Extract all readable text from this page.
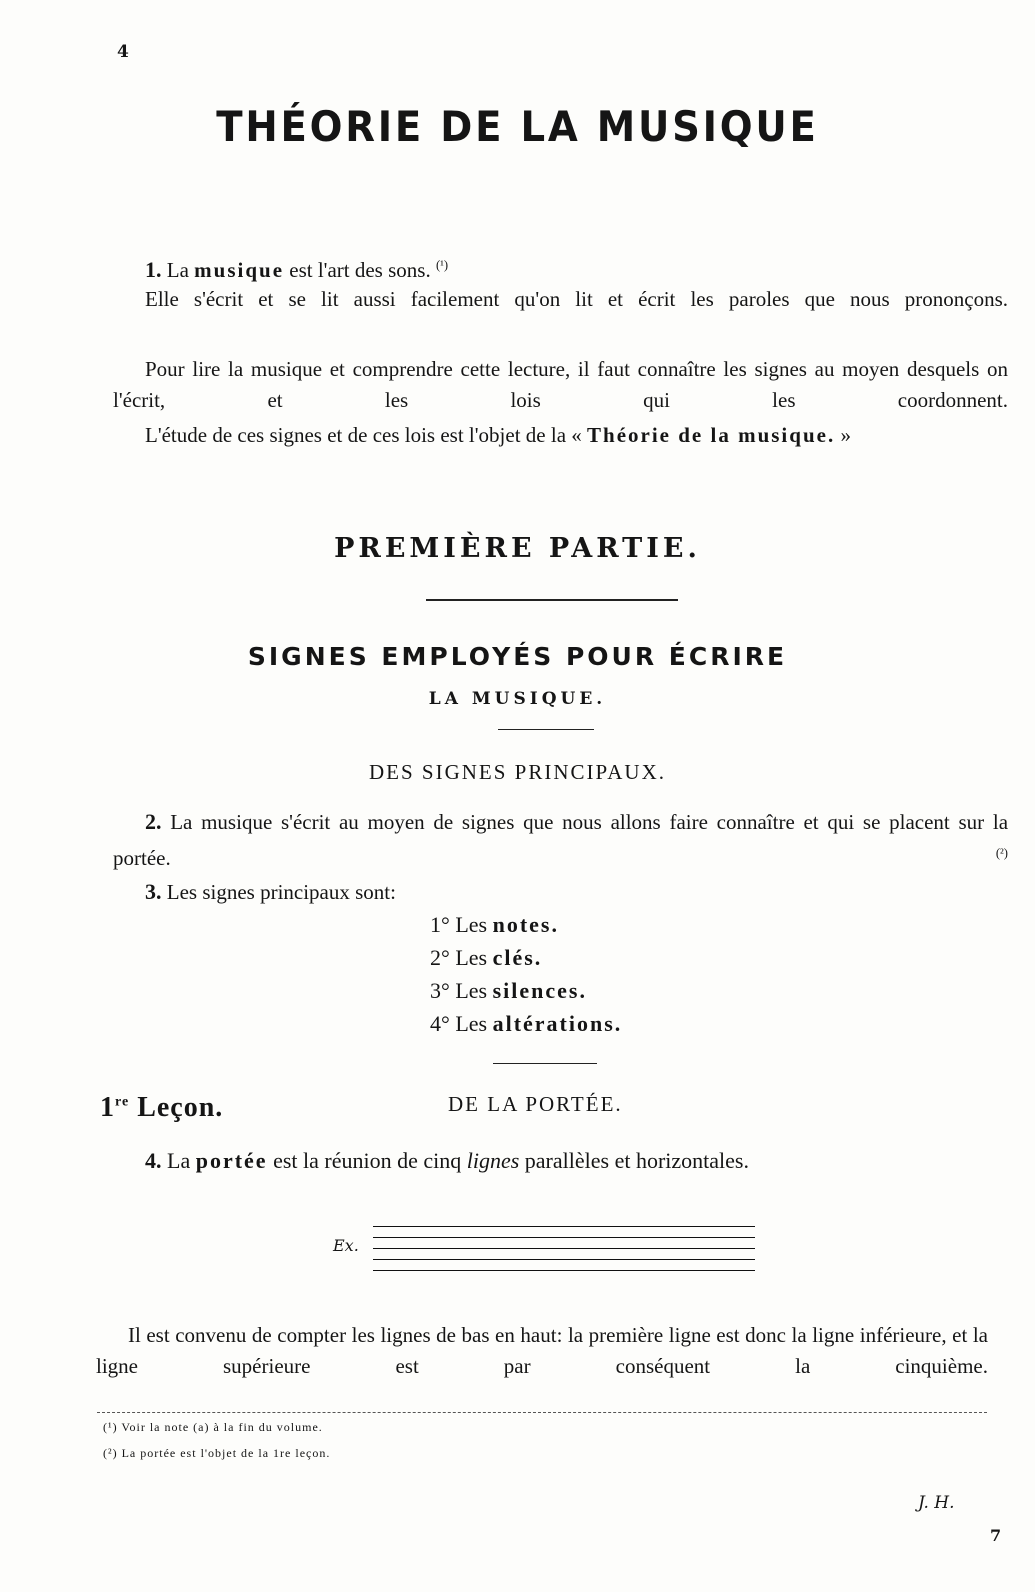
4
THÉORIE DE LA MUSIQUE
1. La musique est l'art des sons. $^{(^1)}$
Elle s'écrit et se lit aussi facilement qu'on lit et écrit les paroles que nous prononçons.
Pour lire la musique et comprendre cette lecture, il faut connaître les signes au moyen desquels on l'écrit, et les lois qui les coordonnent.
L'étude de ces signes et de ces lois est l'objet de la « Théorie de la musique. »
PREMIÈRE PARTIE.
SIGNES EMPLOYÉS POUR ÉCRIRE
LA MUSIQUE.
DES SIGNES PRINCIPAUX.
2. La musique s'écrit au moyen de signes que nous allons faire connaître et qui se placent sur la portée.	$^{(^2)}$
3. Les signes principaux sont:
1° Les notes.
2° Les clés.
3° Les silences.
4° Les altérations.
1re Leçon.	DE LA PORTÉE.
4. La portée est la réunion de cinq lignes parallèles et horizontales.
Ex.
Il est convenu de compter les lignes de bas en haut: la première ligne est donc la ligne inférieure, et la ligne supérieure est par conséquent la cinquième.
(¹) Voir la note (a) à la fin du volume.
(²) La portée est l'objet de la 1re leçon.
J. H.
7
